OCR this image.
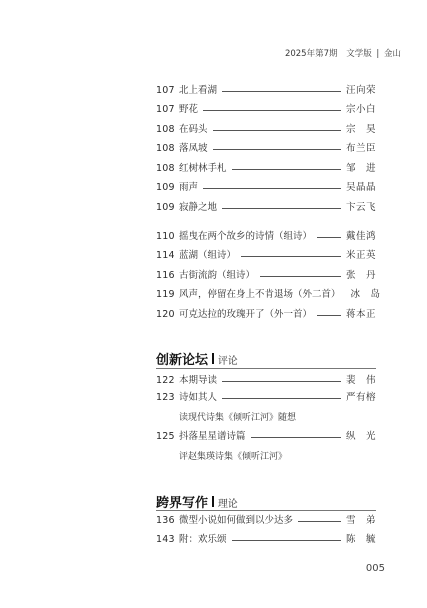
2025年第7期 文学版 | 金山
107 北上看湖	汪向荣
107 野花	宗小白
108 在码头	宗　昊
108 落凤坡	布兰臣
108 红树林手札	邹　进
109 雨声	吴晶晶
109 寂静之地	卞云飞
110 摇曳在两个故乡的诗情（组诗）	戴佳鸿
114 蓝湖（组诗）	米正英
116 古街流韵（组诗）	张　丹
119 风声，停留在身上不肯退场（外二首） 冰　岛
120 可克达拉的玫瑰开了（外一首）	蒋本正
创新论坛 评论
122 本期导读	裴　伟
123 诗如其人	严有榕
读现代诗集《倾听江河》随想
125 抖落星星谱诗篇	纵　光
评赵集瑛诗集《倾听江河》
跨界写作 理论
136 微型小说如何做到以少达多	雪　弟
143 附：欢乐颂	陈　毓
005
